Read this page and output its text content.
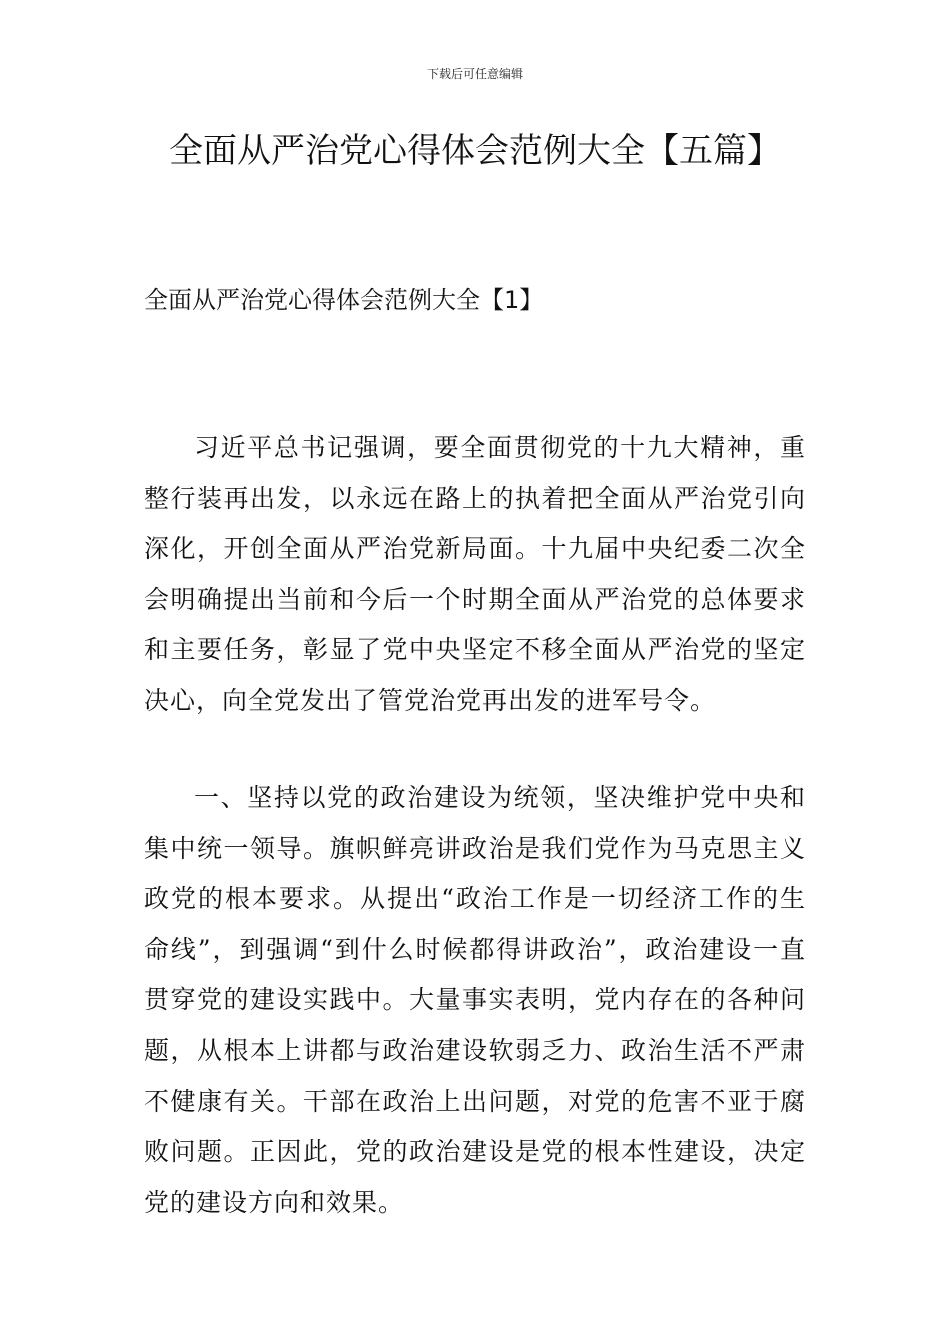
下载后可任意编辑
全面从严治党心得体会范例大全【五篇】
全面从严治党心得体会范例大全【1】

习近平总书记强调，要全面贯彻党的十九大精神，重整行装再出发，以永远在路上的执着把全面从严治党引向深化，开创全面从严治党新局面。十九届中央纪委二次全会明确提出当前和今后一个时期全面从严治党的总体要求和主要任务，彰显了党中央坚定不移全面从严治党的坚定决心，向全党发出了管党治党再出发的进军号令。

一、坚持以党的政治建设为统领，坚决维护党中央和集中统一领导。旗帜鲜亮讲政治是我们党作为马克思主义政党的根本要求。从提出“政治工作是一切经济工作的生命线”，到强调“到什么时候都得讲政治”，政治建设一直贯穿党的建设实践中。大量事实表明，党内存在的各种问题，从根本上讲都与政治建设软弱乏力、政治生活不严肃不健康有关。干部在政治上出问题，对党的危害不亚于腐败问题。正因此，党的政治建设是党的根本性建设，决定党的建设方向和效果。
